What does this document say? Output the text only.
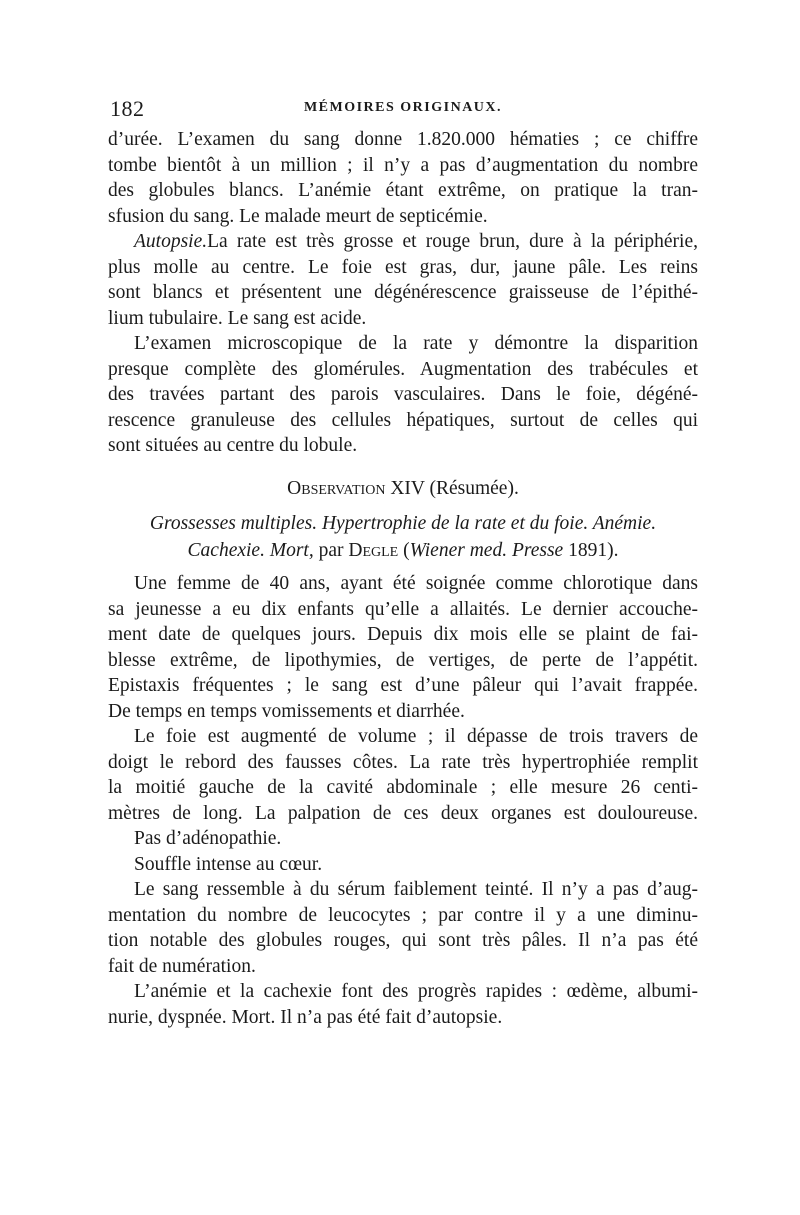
182	MÉMOIRES ORIGINAUX.
d’urée. L’examen du sang donne 1.820.000 hématies ; ce chiffre
tombe bientôt à un million ; il n’y a pas d’augmentation du nombre
des globules blancs. L’anémie étant extrême, on pratique la tran-
sfusion du sang. Le malade meurt de septicémie.
Autopsie.La rate est très grosse et rouge brun, dure à la périphérie,
plus molle au centre. Le foie est gras, dur, jaune pâle. Les reins
sont blancs et présentent une dégénérescence graisseuse de l’épithé-
lium tubulaire. Le sang est acide.
L’examen microscopique de la rate y démontre la disparition
presque complète des glomérules. Augmentation des trabécules et
des travées partant des parois vasculaires. Dans le foie, dégéné-
rescence granuleuse des cellules hépatiques, surtout de celles qui
sont situées au centre du lobule.
Observation XIV (Résumée).
Grossesses multiples. Hypertrophie de la rate et du foie. Anémie.
Cachexie. Mort, par Degle (Wiener med. Presse 1891).
Une femme de 40 ans, ayant été soignée comme chlorotique dans
sa jeunesse a eu dix enfants qu’elle a allaités. Le dernier accouche-
ment date de quelques jours. Depuis dix mois elle se plaint de fai-
blesse extrême, de lipothymies, de vertiges, de perte de l’appétit.
Epistaxis fréquentes ; le sang est d’une pâleur qui l’avait frappée.
De temps en temps vomissements et diarrhée.
Le foie est augmenté de volume ; il dépasse de trois travers de
doigt le rebord des fausses côtes. La rate très hypertrophiée remplit
la moitié gauche de la cavité abdominale ; elle mesure 26 centi-
mètres de long. La palpation de ces deux organes est douloureuse.
Pas d’adénopathie.
Souffle intense au cœur.
Le sang ressemble à du sérum faiblement teinté. Il n’y a pas d’aug-
mentation du nombre de leucocytes ; par contre il y a une diminu-
tion notable des globules rouges, qui sont très pâles. Il n’a pas été
fait de numération.
L’anémie et la cachexie font des progrès rapides : œdème, albumi-
nurie, dyspnée. Mort. Il n’a pas été fait d’autopsie.
